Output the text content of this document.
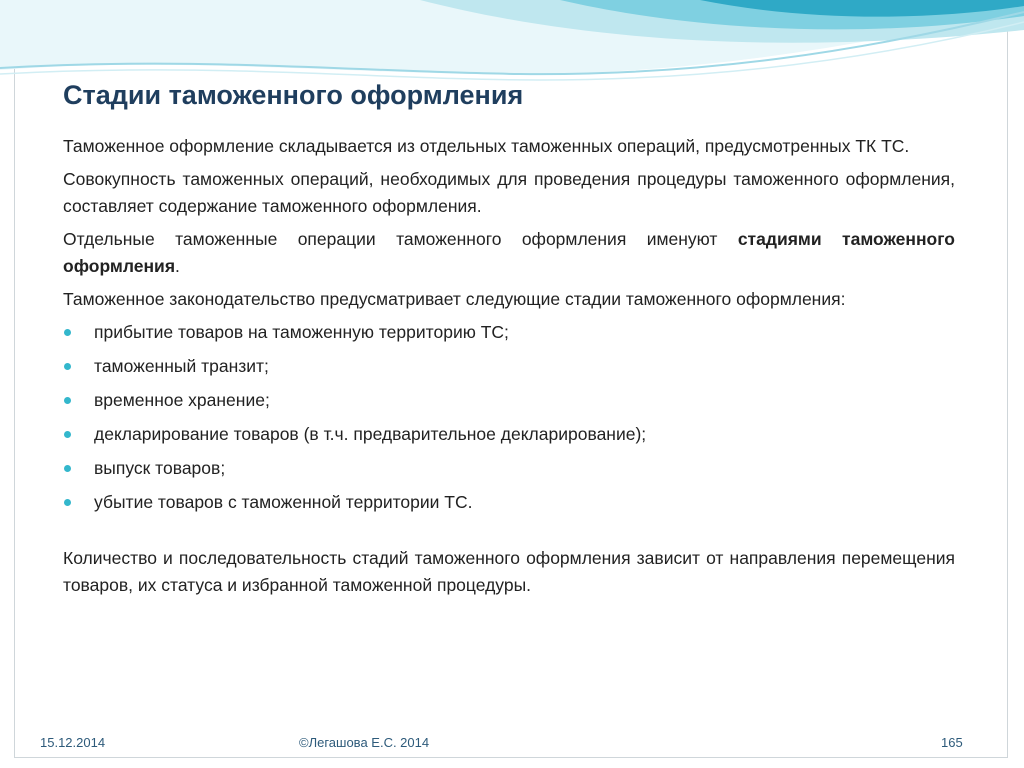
Стадии таможенного оформления

Таможенное оформление складывается из отдельных таможенных операций, предусмотренных ТК ТС.

Совокупность таможенных операций, необходимых для проведения процедуры таможенного оформления, составляет содержание таможенного оформления.

Отдельные таможенные операции таможенного оформления именуют стадиями таможенного оформления.

Таможенное законодательство предусматривает следующие стадии таможенного оформления:

прибытие товаров на таможенную территорию ТС;
таможенный транзит;
временное хранение;
декларирование товаров (в т.ч. предварительное декларирование);
выпуск товаров;
убытие товаров с таможенной территории ТС.

Количество и последовательность стадий таможенного оформления зависит от направления перемещения товаров, их статуса и избранной таможенной процедуры.

15.12.2014	©Легашова Е.С. 2014	165
